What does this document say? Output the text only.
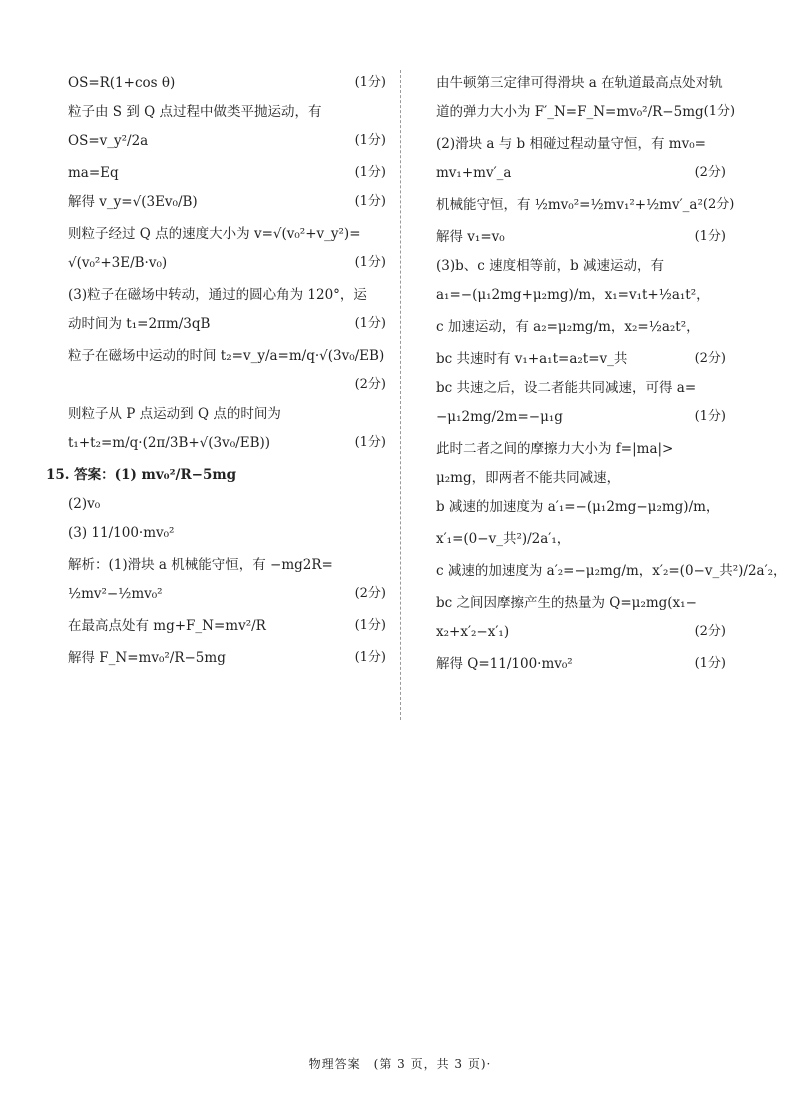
OS=R(1+cos θ)	(1分)
粒子由 S 到 Q 点过程中做类平抛运动，有
OS=v_y²/2a	(1分)
ma=Eq	(1分)
解得 v_y=√(3Ev₀/B)	(1分)
则粒子经过 Q 点的速度大小为 v=√(v₀²+v_y²)=
√(v₀²+3E/B·v₀)	(1分)
(3)粒子在磁场中转动，通过的圆心角为 120°，运
动时间为 t₁=2πm/3qB	(1分)
粒子在磁场中运动的时间 t₂=v_y/a=m/q·√(3v₀/EB)
(2分)
则粒子从 P 点运动到 Q 点的时间为
t₁+t₂=m/q·(2π/3B+√(3v₀/EB))	(1分)
15. 答案：(1) mv₀²/R−5mg
(2)v₀
(3) 11/100·mv₀²
解析：(1)滑块 a 机械能守恒，有 −mg2R=
½mv²−½mv₀²	(2分)
在最高点处有 mg+F_N=mv²/R	(1分)
解得 F_N=mv₀²/R−5mg	(1分)
由牛顿第三定律可得滑块 a 在轨道最高点处对轨
道的弹力大小为 F′_N=F_N=mv₀²/R−5mg (1分)
(2)滑块 a 与 b 相碰过程动量守恒，有 mv₀=
mv₁+mv′_a	(2分)
机械能守恒，有 ½mv₀²=½mv₁²+½mv′_a² (2分)
解得 v₁=v₀	(1分)
(3)b、c 速度相等前，b 减速运动，有
a₁=−(μ₁2mg+μ₂mg)/m，x₁=v₁t+½a₁t²，
c 加速运动，有 a₂=μ₂mg/m，x₂=½a₂t²，
bc 共速时有 v₁+a₁t=a₂t=v_共	(2分)
bc 共速之后，设二者能共同减速，可得 a=
−μ₁2mg/2m=−μ₁g	(1分)
此时二者之间的摩擦力大小为 f=|ma|>
μ₂mg，即两者不能共同减速，
b 减速的加速度为 a′₁=−(μ₁2mg−μ₂mg)/m，
x′₁=(0−v_共²)/2a′₁，
c 减速的加速度为 a′₂=−μ₂mg/m，x′₂=(0−v_共²)/2a′₂，
bc 之间因摩擦产生的热量为 Q=μ₂mg(x₁−
x₂+x′₂−x′₁)	(2分)
解得 Q=11/100·mv₀²	(1分)
物理答案　(第 3 页，共 3 页)·
